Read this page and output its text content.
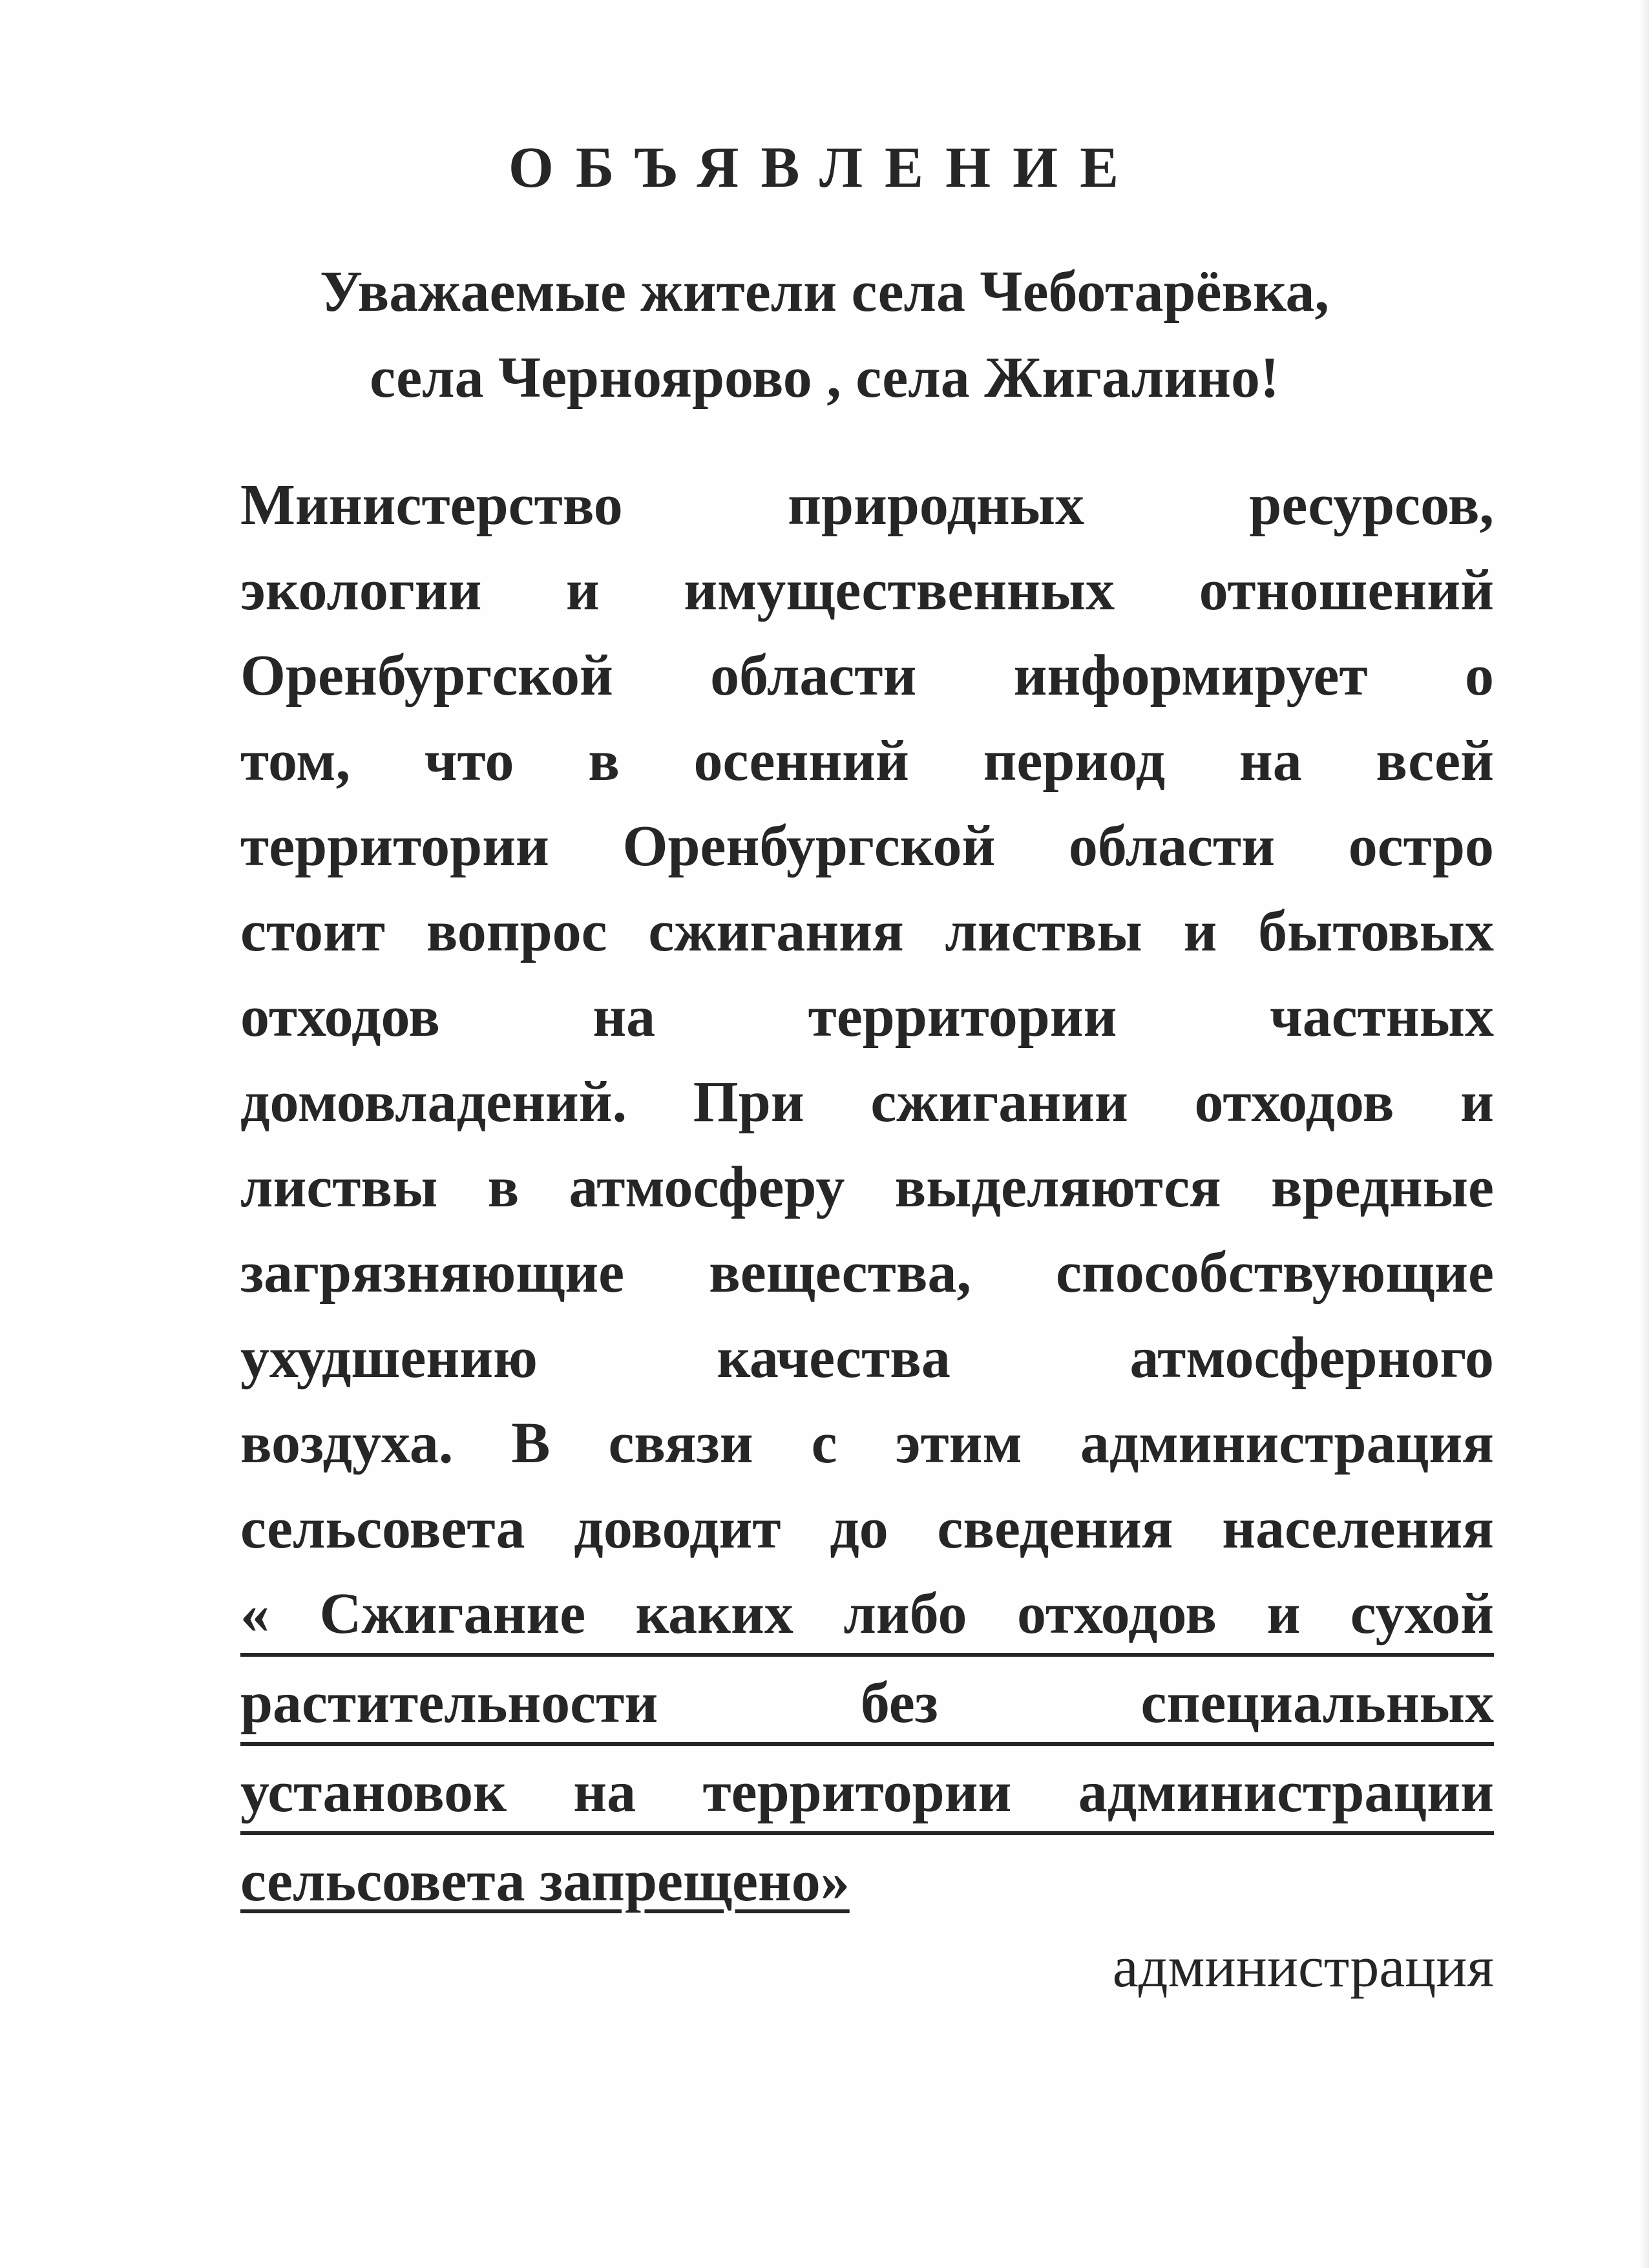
ОБЪЯВЛЕНИЕ
Уважаемые жители села Чеботарёвка,
села Черноярово , села Жигалино!
Министерство	природных	ресурсов,
экологии и имущественных отношений
Оренбургской области информирует о
том, что в осенний период на всей
территории Оренбургской области остро
стоит вопрос сжигания листвы и бытовых
отходов	на	территории	частных
домовладений. При сжигании отходов и
листвы в атмосферу выделяются вредные
загрязняющие вещества, способствующие
ухудшению	качества	атмосферного
воздуха. В связи с этим администрация
сельсовета доводит до сведения населения
« Сжигание каких либо отходов и сухой
растительности	без	специальных
установок на территории администрации
сельсовета запрещено»
администрация
